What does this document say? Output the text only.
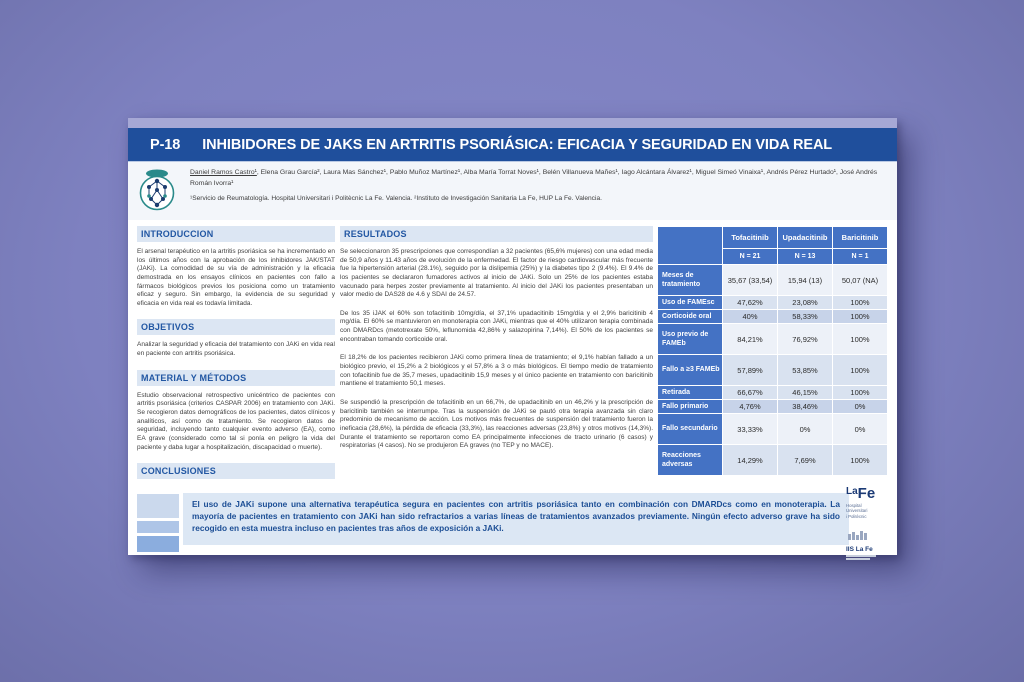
P-18 INHIBIDORES DE JAKS EN ARTRITIS PSORIÁSICA: EFICACIA Y SEGURIDAD EN VIDA REAL

Daniel Ramos Castro¹, Elena Grau García², Laura Mas Sánchez¹, Pablo Muñoz Martínez¹, Alba María Torrat Noves¹, Belén Villanueva Mañes¹, Iago Alcántara Álvarez¹, Miguel Simeó Vinaixa¹, Andrés Pérez Hurtado¹, José Andrés Román Ivorra¹

¹Servicio de Reumatología. Hospital Universitari i Politècnic La Fe. Valencia. ²Instituto de Investigación Sanitaria La Fe, HUP La Fe. Valencia.

INTRODUCCION

El arsenal terapéutico en la artritis psoriásica se ha incrementado en los últimos años con la aprobación de los inhibidores JAK/STAT (JAKi). La comodidad de su vía de administración y la eficacia demostrada en los ensayos clínicos en pacientes con fallo a fármacos biológicos previos los posiciona como un tratamiento eficaz y seguro. Sin embargo, la evidencia de su seguridad y eficacia en vida real es todavía limitada.

OBJETIVOS

Analizar la seguridad y eficacia del tratamiento con JAKi en vida real en paciente con artritis psoriásica.

MATERIAL Y MÉTODOS

Estudio observacional retrospectivo unicéntrico de pacientes con artritis psoriásica (criterios CASPAR 2006) en tratamiento con JAKi. Se recogieron datos demográficos de los pacientes, datos clínicos y analíticos, así como de tratamiento. Se recogieron datos de seguridad, incluyendo tanto cualquier evento adverso (EA), como EA grave (considerado como tal si ponía en peligro la vida del paciente y daba lugar a hospitalización, discapacidad o muerte).

CONCLUSIONES
RESULTADOS

Se seleccionaron 35 prescripciones que correspondían a 32 pacientes (65,6% mujeres) con una edad media de 50,9 años y 11.43 años de evolución de la enfermedad. El factor de riesgo cardiovascular más frecuente fue la hipertensión arterial (28.1%), seguido por la dislipemia (25%) y la diabetes tipo 2 (9.4%). El 9.4% de los pacientes se declararon fumadores activos al inicio de JAKi. Solo un 25% de los pacientes estaba vacunado para herpes zoster previamente al tratamiento. Al inicio del JAKi los pacientes presentaban un valor medio de DAS28 de 4.6 y SDAI de 24.57.

De los 35 iJAK el 60% son tofacitinib 10mg/día, el 37,1% upadacitinib 15mg/día y el 2,9% baricitinib 4 mg/día. El 60% se mantuvieron en monoterapia con JAKi, mientras que el 40% utilizaron terapia combinada con DMARDcs (metotrexate 50%, leflunomida 42,86% y salazopirina 7,14%). El 50% de los pacientes se encontraban tomando corticoide oral.

El 18,2% de los pacientes recibieron JAKi como primera línea de tratamiento; el 9,1% habían fallado a un biológico previo, el 15,2% a 2 biológicos y el 57,8% a 3 o más biológicos. El tiempo medio de tratamiento con tofacitinib fue de 35,7 meses, upadacitinib 15,9 meses y el único paciente en tratamiento con baricitinib mantiene el tratamiento 50,1 meses.

Se suspendió la prescripción de tofacitinib en un 66,7%, de upadacitinib en un 46,2% y la prescripción de baricitinib también se interrumpe. Tras la suspensión de JAKi se pautó otra terapia avanzada sin claro predominio de mecanismo de acción. Los motivos más frecuentes de suspensión del tratamiento fueron la ineficacia (28,6%), la pérdida de eficacia (33,3%), las reacciones adversas (23,8%) y otros motivos (14,3%). Durante el tratamiento se reportaron como EA principalmente infecciones de tracto urinario (6 casos) y respiratorias (4 casos). No se produjeron EA graves (no TEP y no MACE).

	Tofacitinib	Upadacitinib	Baricitinib
	N = 21	N = 13	N = 1
Meses de tratamiento	35,67 (33,54)	15,94 (13)	50,07 (NA)
Uso de FAMEsc	47,62%	23,08%	100%
Corticoide oral	40%	58,33%	100%
Uso previo de FAMEb	84,21%	76,92%	100%
Fallo a ≥3 FAMEb	57,89%	53,85%	100%
Retirada	66,67%	46,15%	100%
Fallo primario	4,76%	38,46%	0%
Fallo secundario	33,33%	0%	0%
Reacciones adversas	14,29%	7,69%	100%

El uso de JAKi supone una alternativa terapéutica segura en pacientes con artritis psoriásica tanto en combinación con DMARDcs como en monoterapia. La mayoría de pacientes en tratamiento con JAKi han sido refractarios a varias líneas de tratamientos avanzados previamente. Ningún efecto adverso grave ha sido recogido en esta muestra incluso en pacientes tras años de exposición a JAKi.

$^{La}$Fe
Hospital
Universitari
i Politècnic
IIS La Fe
